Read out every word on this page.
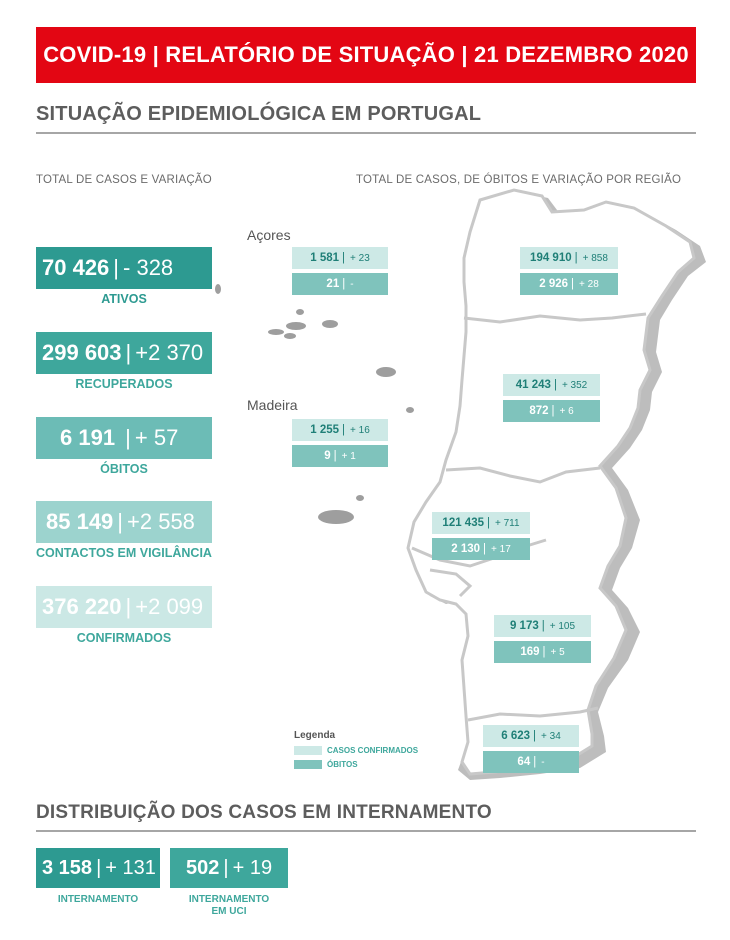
COVID-19 | RELATÓRIO DE SITUAÇÃO | 21 DEZEMBRO 2020
SITUAÇÃO EPIDEMIOLÓGICA EM PORTUGAL
TOTAL DE CASOS E VARIAÇÃO	TOTAL DE CASOS, DE ÓBITOS E VARIAÇÃO POR REGIÃO
70 426 | - 328
ATIVOS
299 603 | +2 370
RECUPERADOS
6 191 | + 57
ÓBITOS
85 149 | +2 558
CONTACTOS EM VIGILÂNCIA
376 220 | +2 099
CONFIRMADOS
Açores
Madeira
1 581 | + 23
21 | -
1 255 | + 16
9 | + 1
194 910 | + 858
2 926 | + 28
41 243 | + 352
872 | + 6
121 435 | + 711
2 130 | + 17
9 173 | + 105
169 | + 5
6 623 | + 34
64 | -
Legenda
CASOS CONFIRMADOS
ÓBITOS
DISTRIBUIÇÃO DOS CASOS EM INTERNAMENTO
3 158 | + 131
INTERNAMENTO
502 | + 19
INTERNAMENTO
EM UCI
